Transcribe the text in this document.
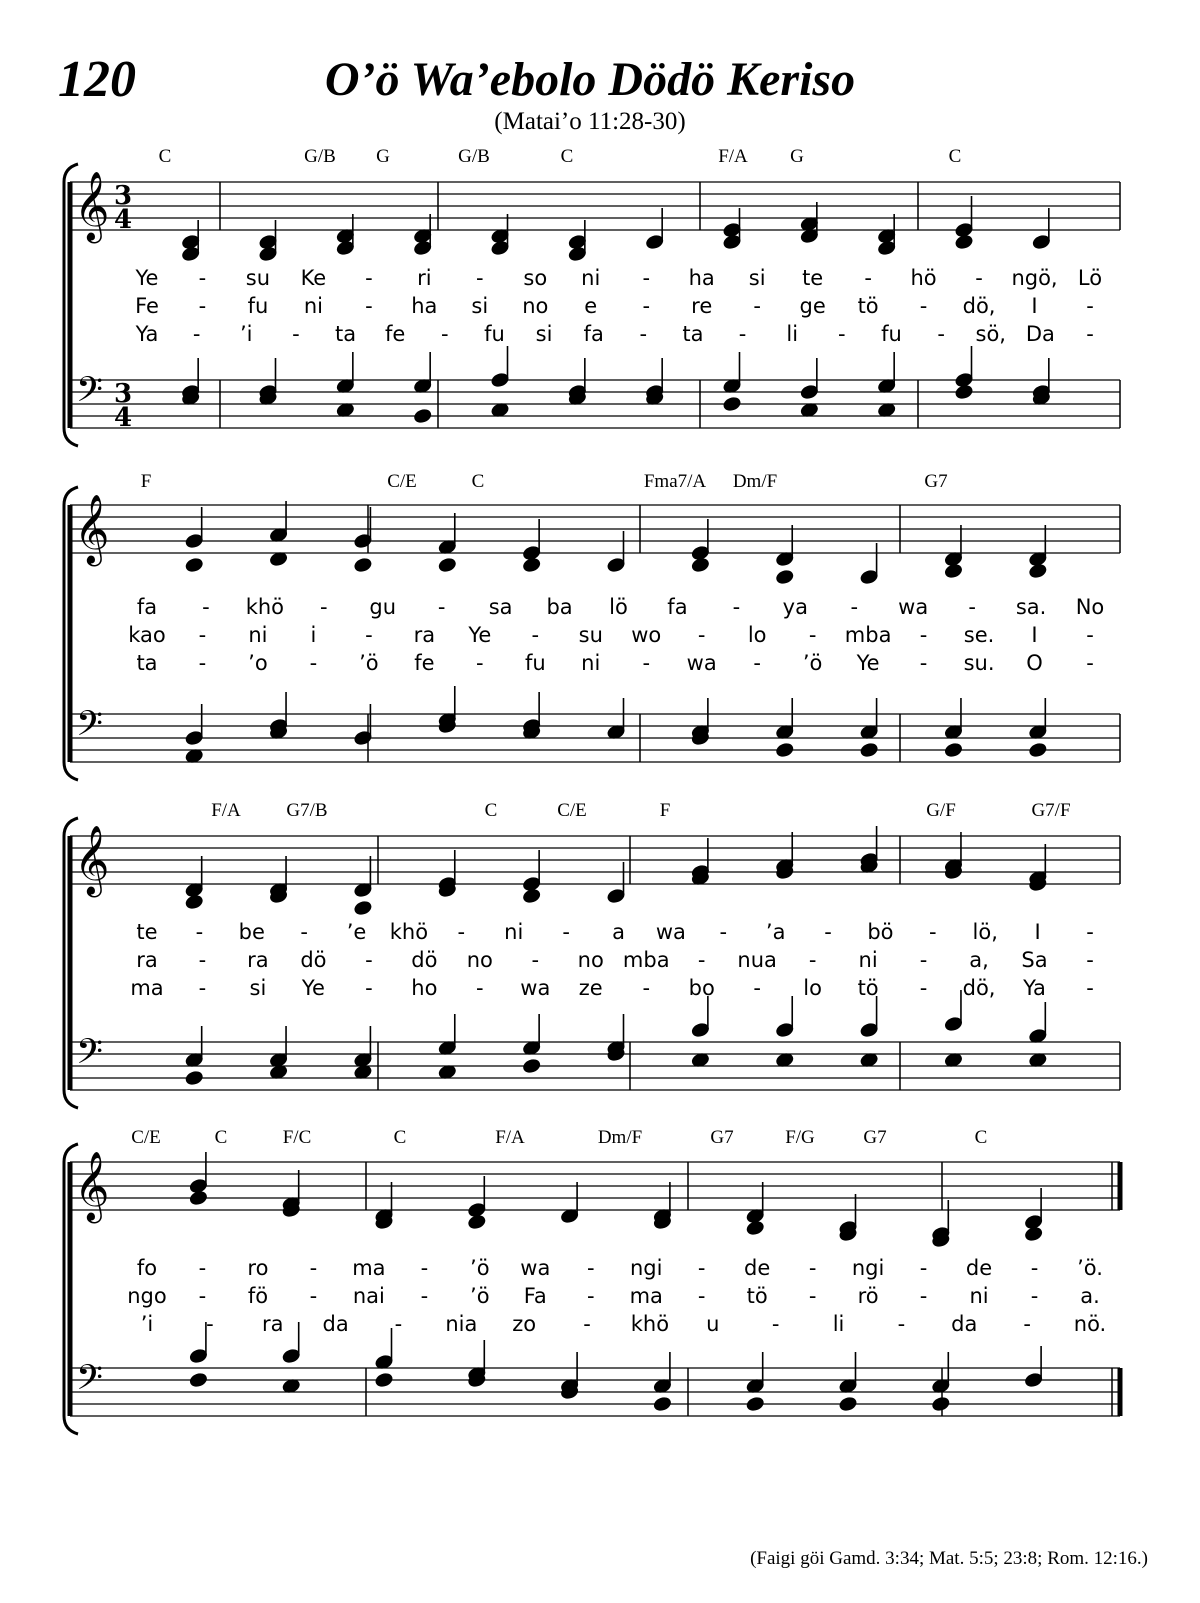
120	O’ö Wa’ebolo Dödö Keriso
(Matai’o 11:28-30)
𝄞
𝄢
3
3
4
4
C	G/B G	G/B	C	F/A G	C
Ye - su Ke - ri - so ni - ha si te - hö - ngö, Lö
Fe - fu ni - ha si no e - re - ge tö - dö, I -
Ya - ’i - ta fe - fu si fa - ta - li - fu - sö, Da -
𝄞
𝄢
F	C/E	C	Fma7/A Dm/F	G7
fa - khö - gu - sa ba lö fa - ya - wa - sa. No
kao - ni i - ra Ye - su wo - lo - mba - se. I -
ta - ’o - ’ö fe - fu ni - wa - ’ö Ye - su. O -
𝄞
𝄢
F/A G7/B	C	C/E	F	G/F	G7/F
te - be - ’e khö - ni - a wa - ’a - bö - lö, I -
ra - ra dö - dö no - no mba - nua - ni - a, Sa -
ma - si Ye - ho - wa ze - bo - lo tö - dö, Ya -
𝄞
𝄢
C/E	C	F/C	C	F/A	Dm/F	G7	F/G	G7	C
fo - ro - ma - ’ö wa - ngi - de - ngi - de - ’ö.
ngo - fö - nai - ’ö Fa - ma - tö - rö - ni - a.
’i	- ra da - nia zo - khö u -	li	- da - nö.
(Faigi göi Gamd. 3:34; Mat. 5:5; 23:8; Rom. 12:16.)
